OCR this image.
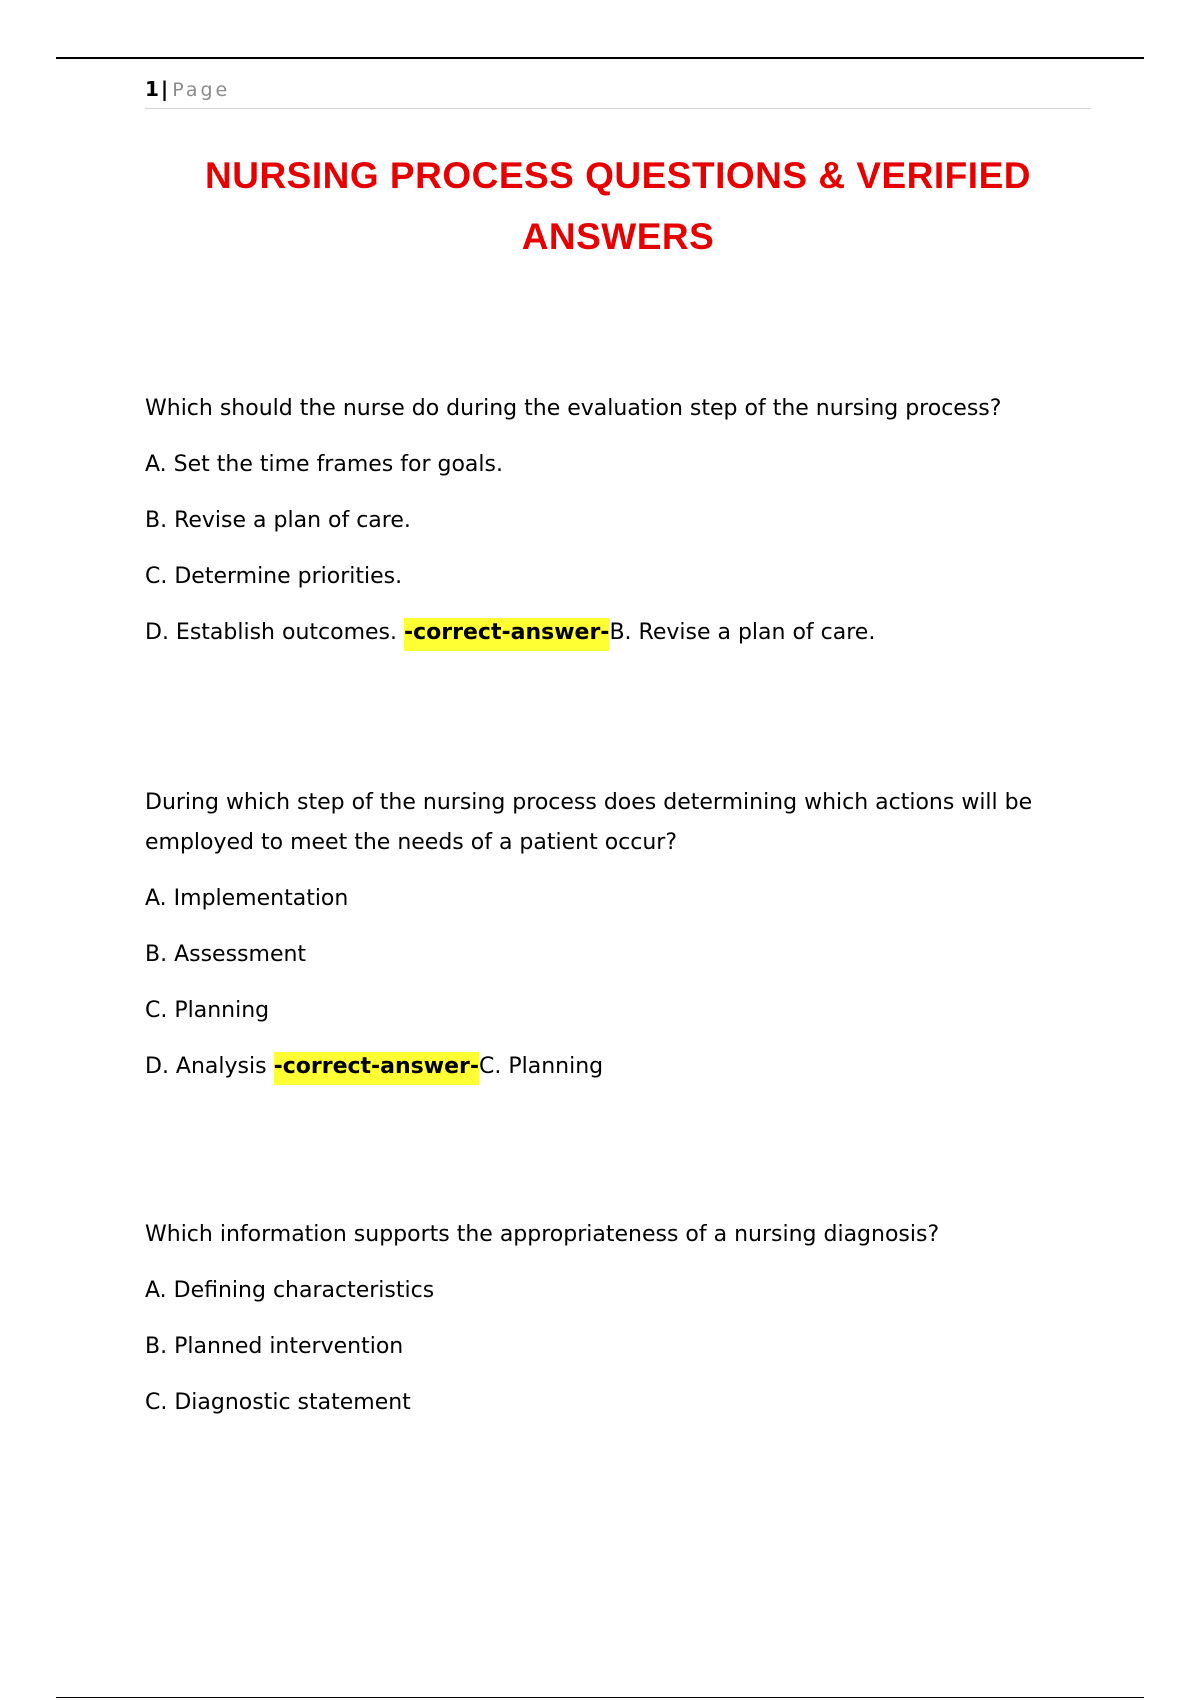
1 | Page
NURSING PROCESS QUESTIONS & VERIFIED ANSWERS

Which should the nurse do during the evaluation step of the nursing process?

A. Set the time frames for goals.
B. Revise a plan of care.
C. Determine priorities.
D. Establish outcomes. -correct-answer-B. Revise a plan of care.

During which step of the nursing process does determining which actions will be employed to meet the needs of a patient occur?

A. Implementation
B. Assessment
C. Planning
D. Analysis -correct-answer-C. Planning

Which information supports the appropriateness of a nursing diagnosis?

A. Defining characteristics
B. Planned intervention
C. Diagnostic statement
